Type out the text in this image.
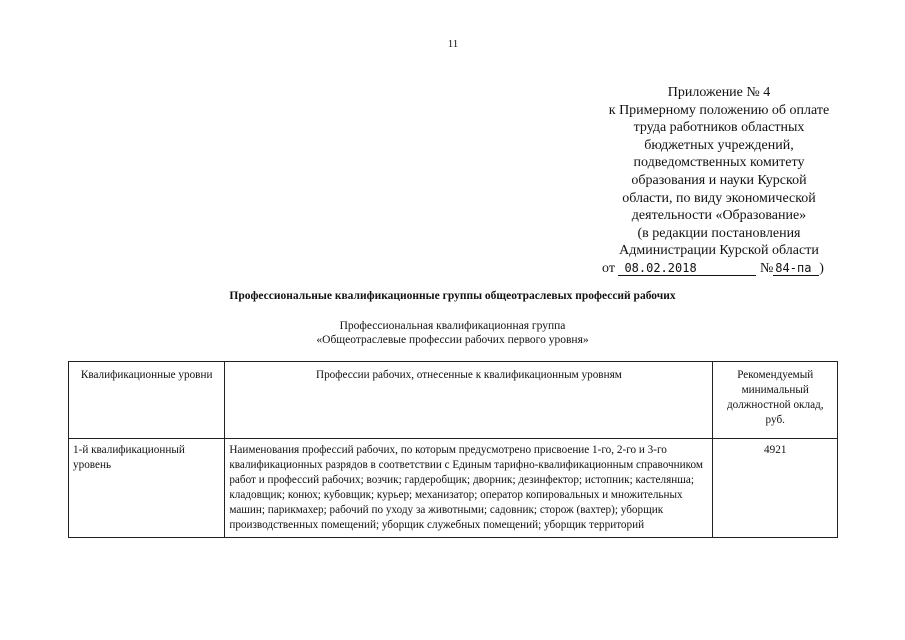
11
Приложение № 4
к Примерному положению об оплате
труда работников областных
бюджетных учреждений,
подведомственных комитету
образования и науки Курской
области, по виду экономической
деятельности «Образование»
(в редакции постановления
Администрации Курской области
от 08.02.2018	№ 84-па )
Профессиональные квалификационные группы общеотраслевых профессий рабочих
Профессиональная квалификационная группа
«Общеотраслевые профессии рабочих первого уровня»
Квалификационные уровни	Профессии рабочих, отнесенные к квалификационным уровням	Рекомендуемый минимальный должностной оклад, руб.

1-й квалификационный уровень	Наименования профессий рабочих, по которым предусмотрено присвоение 1-го, 2-го и 3-го квалификационных разрядов в соответствии с Единым тарифно-квалификационным справочником работ и профессий рабочих; возчик; гардеробщик; дворник; дезинфектор; истопник; кастелянша; кладовщик; конюх; кубовщик; курьер; механизатор; оператор копировальных и множительных машин; парикмахер; рабочий по уходу за животными; садовник; сторож (вахтер); уборщик производственных помещений; уборщик служебных помещений; уборщик территорий	4921
